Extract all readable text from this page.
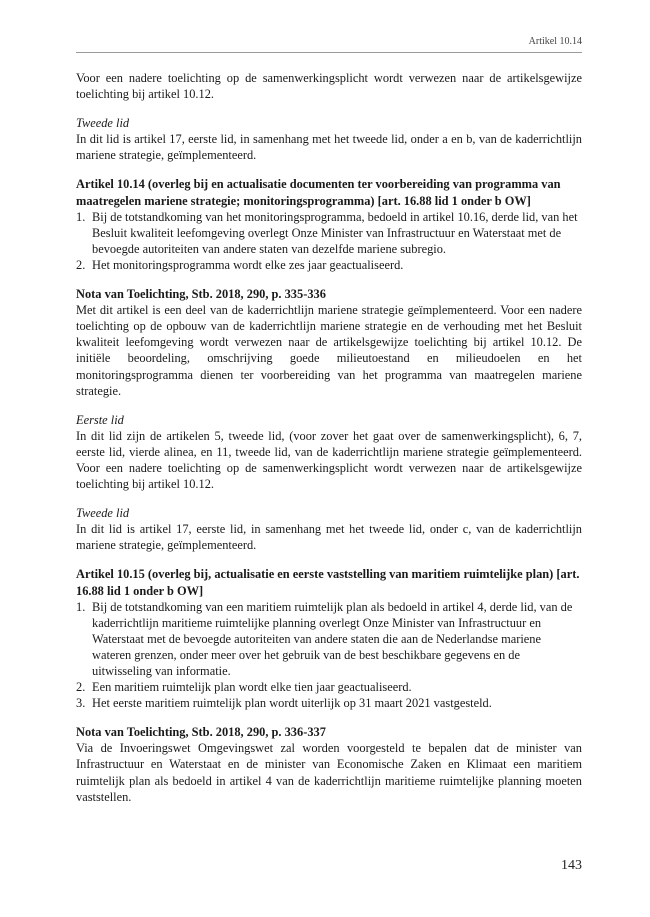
Artikel 10.14

Voor een nadere toelichting op de samenwerkingsplicht wordt verwezen naar de artikelsgewijze toelichting bij artikel 10.12.

Tweede lid

In dit lid is artikel 17, eerste lid, in samenhang met het tweede lid, onder a en b, van de kaderrichtlijn mariene strategie, geïmplementeerd.

Artikel 10.14 (overleg bij en actualisatie documenten ter voorbereiding van programma van maatregelen mariene strategie; monitoringsprogramma) [art. 16.88 lid 1 onder b OW]

1. Bij de totstandkoming van het monitoringsprogramma, bedoeld in artikel 10.16, derde lid, van het Besluit kwaliteit leefomgeving overlegt Onze Minister van Infrastructuur en Waterstaat met de bevoegde autoriteiten van andere staten van dezelfde mariene subregio.
2. Het monitoringsprogramma wordt elke zes jaar geactualiseerd.

Nota van Toelichting, Stb. 2018, 290, p. 335-336

Met dit artikel is een deel van de kaderrichtlijn mariene strategie geïmplementeerd. Voor een nadere toelichting op de opbouw van de kaderrichtlijn mariene strategie en de verhouding met het Besluit kwaliteit leefomgeving wordt verwezen naar de artikelsgewijze toelichting bij artikel 10.12. De initiële beoordeling, omschrijving goede milieutoestand en milieudoelen en het monitoringsprogramma dienen ter voorbereiding van het programma van maatregelen mariene strategie.

Eerste lid

In dit lid zijn de artikelen 5, tweede lid, (voor zover het gaat over de samenwerkingsplicht), 6, 7, eerste lid, vierde alinea, en 11, tweede lid, van de kaderrichtlijn mariene strategie geïmplementeerd. Voor een nadere toelichting op de samenwerkingsplicht wordt verwezen naar de artikelsgewijze toelichting bij artikel 10.12.

Tweede lid

In dit lid is artikel 17, eerste lid, in samenhang met het tweede lid, onder c, van de kaderrichtlijn mariene strategie, geïmplementeerd.

Artikel 10.15 (overleg bij, actualisatie en eerste vaststelling van maritiem ruimtelijke plan) [art. 16.88 lid 1 onder b OW]

1. Bij de totstandkoming van een maritiem ruimtelijk plan als bedoeld in artikel 4, derde lid, van de kaderrichtlijn maritieme ruimtelijke planning overlegt Onze Minister van Infrastructuur en Waterstaat met de bevoegde autoriteiten van andere staten die aan de Nederlandse mariene wateren grenzen, onder meer over het gebruik van de best beschikbare gegevens en de uitwisseling van informatie.
2. Een maritiem ruimtelijk plan wordt elke tien jaar geactualiseerd.
3. Het eerste maritiem ruimtelijk plan wordt uiterlijk op 31 maart 2021 vastgesteld.

Nota van Toelichting, Stb. 2018, 290, p. 336-337

Via de Invoeringswet Omgevingswet zal worden voorgesteld te bepalen dat de minister van Infrastructuur en Waterstaat en de minister van Economische Zaken en Klimaat een maritiem ruimtelijk plan als bedoeld in artikel 4 van de kaderrichtlijn maritieme ruimtelijke planning moeten vaststellen.

143
